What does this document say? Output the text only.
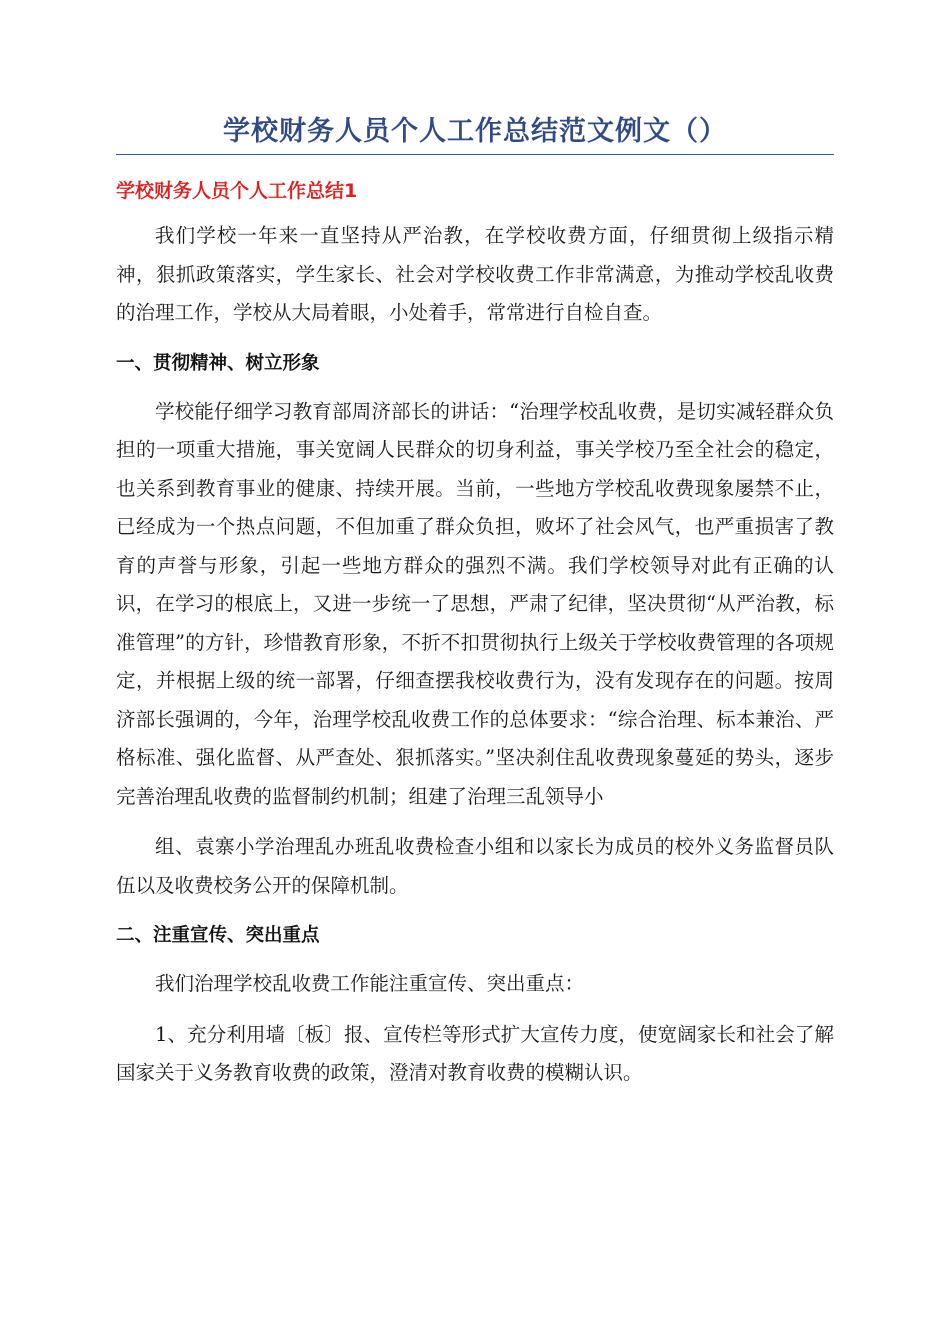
学校财务人员个人工作总结范文例文（）
学校财务人员个人工作总结1

我们学校一年来一直坚持从严治教，在学校收费方面，仔细贯彻上级指示精神，狠抓政策落实，学生家长、社会对学校收费工作非常满意，为推动学校乱收费的治理工作，学校从大局着眼，小处着手，常常进行自检自查。

一、贯彻精神、树立形象

学校能仔细学习教育部周济部长的讲话：“治理学校乱收费，是切实减轻群众负担的一项重大措施，事关宽阔人民群众的切身利益，事关学校乃至全社会的稳定，也关系到教育事业的健康、持续开展。当前，一些地方学校乱收费现象屡禁不止，已经成为一个热点问题，不但加重了群众负担，败坏了社会风气，也严重损害了教育的声誉与形象，引起一些地方群众的强烈不满。我们学校领导对此有正确的认识，在学习的根底上，又进一步统一了思想，严肃了纪律，坚决贯彻“从严治教，标准管理”的方针，珍惜教育形象，不折不扣贯彻执行上级关于学校收费管理的各项规定，并根据上级的统一部署，仔细查摆我校收费行为，没有发现存在的问题。按周济部长强调的，今年，治理学校乱收费工作的总体要求：“综合治理、标本兼治、严格标准、强化监督、从严查处、狠抓落实。”坚决刹住乱收费现象蔓延的势头，逐步完善治理乱收费的监督制约机制；组建了治理三乱领导小

组、袁寨小学治理乱办班乱收费检查小组和以家长为成员的校外义务监督员队伍以及收费校务公开的保障机制。

二、注重宣传、突出重点

我们治理学校乱收费工作能注重宣传、突出重点：

1、充分利用墙〔板〕报、宣传栏等形式扩大宣传力度，使宽阔家长和社会了解国家关于义务教育收费的政策，澄清对教育收费的模糊认识。
